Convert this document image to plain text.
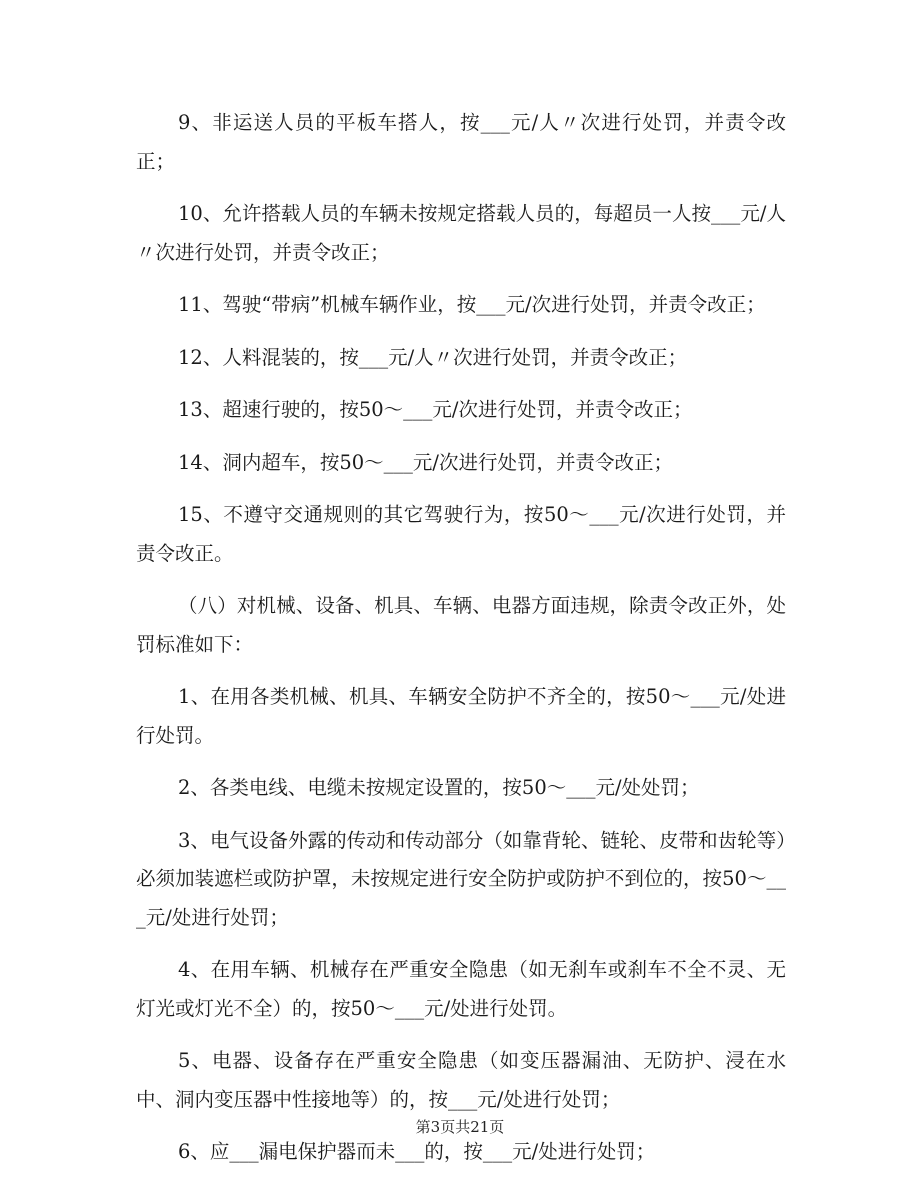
9、非运送人员的平板车搭人，按___元/人〃次进行处罚，并责令改正；

10、允许搭载人员的车辆未按规定搭载人员的，每超员一人按___元/人〃次进行处罚，并责令改正；

11、驾驶“带病”机械车辆作业，按___元/次进行处罚，并责令改正；

12、人料混装的，按___元/人〃次进行处罚，并责令改正；

13、超速行驶的，按50～___元/次进行处罚，并责令改正；

14、洞内超车，按50～___元/次进行处罚，并责令改正；

15、不遵守交通规则的其它驾驶行为，按50～___元/次进行处罚，并责令改正。

（八）对机械、设备、机具、车辆、电器方面违规，除责令改正外，处罚标准如下：

1、在用各类机械、机具、车辆安全防护不齐全的，按50～___元/处进行处罚。

2、各类电线、电缆未按规定设置的，按50～___元/处处罚；

3、电气设备外露的传动和传动部分（如靠背轮、链轮、皮带和齿轮等）必须加装遮栏或防护罩，未按规定进行安全防护或防护不到位的，按50～___元/处进行处罚；

4、在用车辆、机械存在严重安全隐患（如无刹车或刹车不全不灵、无灯光或灯光不全）的，按50～___元/处进行处罚。

5、电器、设备存在严重安全隐患（如变压器漏油、无防护、浸在水中、洞内变压器中性接地等）的，按___元/处进行处罚；

6、应___漏电保护器而未___的，按___元/处进行处罚；

第3页共21页
